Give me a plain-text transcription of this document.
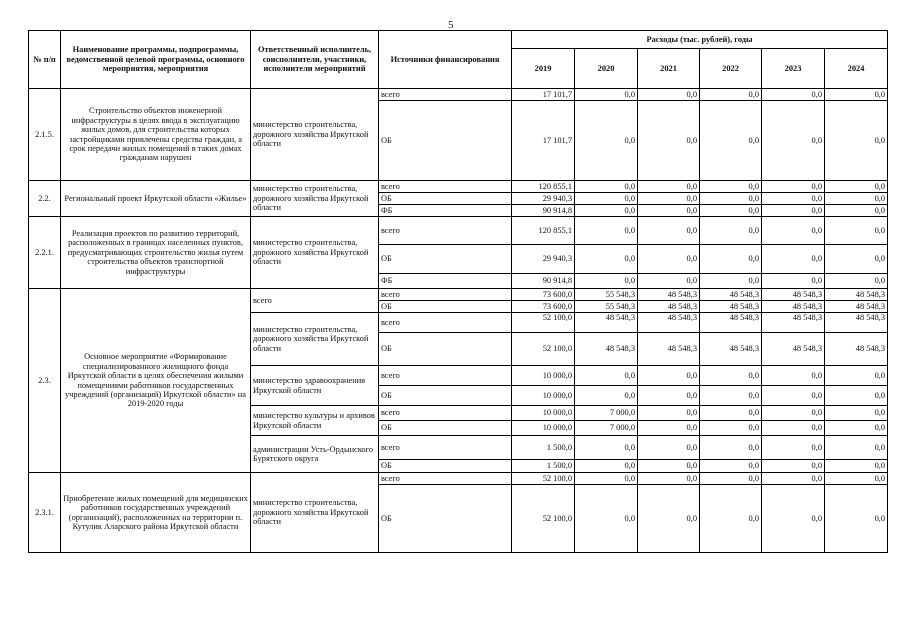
5
№ п/п	Наименование программы, подпрограммы, ведомственной целевой программы, основного мероприятия, мероприятия	Ответственный исполнитель, соисполнители, участники, исполнители мероприятий	Источники финансирования	Расходы (тыс. рублей), годы					
				2019	2020	2021	2022	2023	2024
2.1.5.	Строительство объектов инженерной инфраструктуры в целях ввода в эксплуатацию жилых домов, для строительства которых застройщиками привлечены средства граждан, а срок передачи жилых помещений в таких домах гражданам нарушен	министерство строительства, дорожного хозяйства Иркутской области	всего	17 101,7	0,0	0,0	0,0	0,0	0,0
			ОБ	17 101,7	0,0	0,0	0,0	0,0	0,0
2.2.	Региональный проект Иркутской области «Жилье»	министерство строительства, дорожного хозяйства Иркутской области	всего	120 855,1	0,0	0,0	0,0	0,0	0,0
			ОБ	29 940,3	0,0	0,0	0,0	0,0	0,0
			ФБ	90 914,8	0,0	0,0	0,0	0,0	0,0
2.2.1.	Реализация проектов по развитию территорий, расположенных в границах населенных пунктов, предусматривающих строительство жилья путем строительства объектов транспортной инфраструктуры	министерство строительства, дорожного хозяйства Иркутской области	всего	120 855,1	0,0	0,0	0,0	0,0	0,0
			ОБ	29 940,3	0,0	0,0	0,0	0,0	0,0
			ФБ	90 914,8	0,0	0,0	0,0	0,0	0,0
2.3.	Основное мероприятие «Формирование специализированного жилищного фонда Иркутской области в целях обеспечения жилыми помещениями работников государственных учреждений (организаций) Иркутской области» на 2019-2020 годы	всего	всего	73 600,0	55 548,3	48 548,3	48 548,3	48 548,3	48 548,3
			ОБ	73 600,0	55 548,3	48 548,3	48 548,3	48 548,3	48 548,3
		министерство строительства, дорожного хозяйства Иркутской области	всего	52 100,0	48 548,3	48 548,3	48 548,3	48 548,3	48 548,3
			ОБ	52 100,0	48 548,3	48 548,3	48 548,3	48 548,3	48 548,3
		министерство здравоохранения Иркутской области	всего	10 000,0	0,0	0,0	0,0	0,0	0,0
			ОБ	10 000,0	0,0	0,0	0,0	0,0	0,0
		министерство культуры и архивов Иркутской области	всего	10 000,0	7 000,0	0,0	0,0	0,0	0,0
			ОБ	10 000,0	7 000,0	0,0	0,0	0,0	0,0
		администрации Усть-Ордынского Бурятского округа	всего	1 500,0	0,0	0,0	0,0	0,0	0,0
			ОБ	1 500,0	0,0	0,0	0,0	0,0	0,0
2.3.1.	Приобретение жилых помещений для медицинских работников государственных учреждений (организаций), расположенных на территории п. Кутулик Аларского района Иркутской области	министерство строительства, дорожного хозяйства Иркутской области	всего	52 100,0	0,0	0,0	0,0	0,0	0,0
			ОБ	52 100,0	0,0	0,0	0,0	0,0	0,0
